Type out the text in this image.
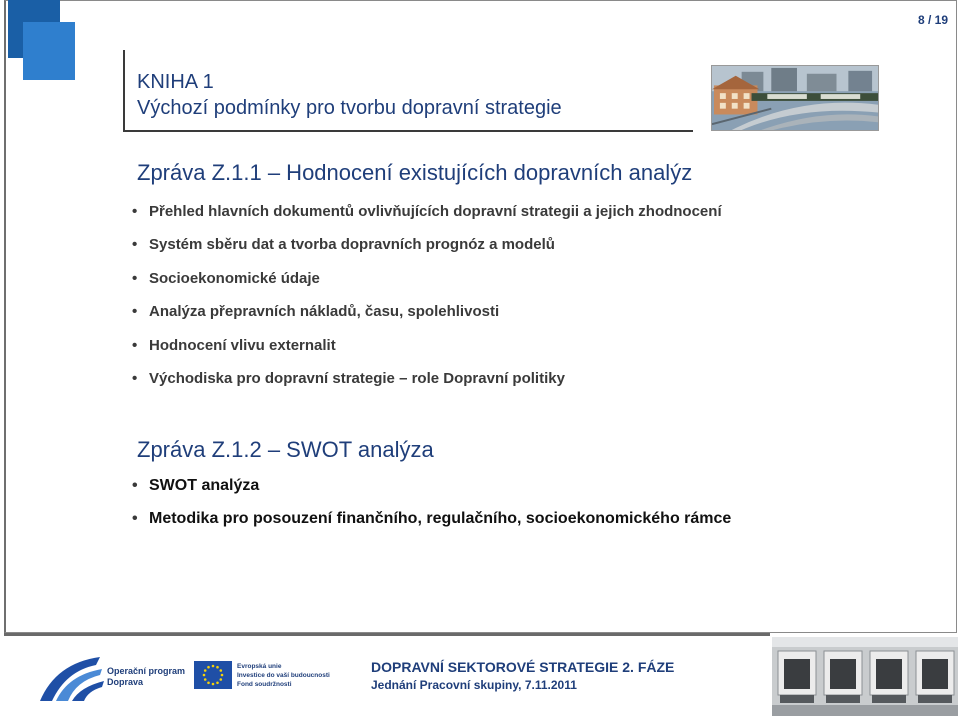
8 / 19
KNIHA 1
Výchozí podmínky pro tvorbu dopravní strategie
Zpráva Z.1.1 – Hodnocení existujících dopravních analýz
• Přehled hlavních dokumentů ovlivňujících dopravní strategii a jejich zhodnocení
• Systém sběru dat a tvorba dopravních prognóz a modelů
• Socioekonomické údaje
• Analýza přepravních nákladů, času, spolehlivosti
• Hodnocení vlivu externalit
• Východiska pro dopravní strategie – role Dopravní politiky
Zpráva Z.1.2 – SWOT analýza
• SWOT analýza
• Metodika pro posouzení finančního, regulačního, socioekonomického rámce
Operační program
Doprava
Evropská unie
Investice do vaší budoucnosti
Fond soudržnosti
DOPRAVNÍ SEKTOROVÉ STRATEGIE 2. FÁZE
Jednání Pracovní skupiny, 7.11.2011
